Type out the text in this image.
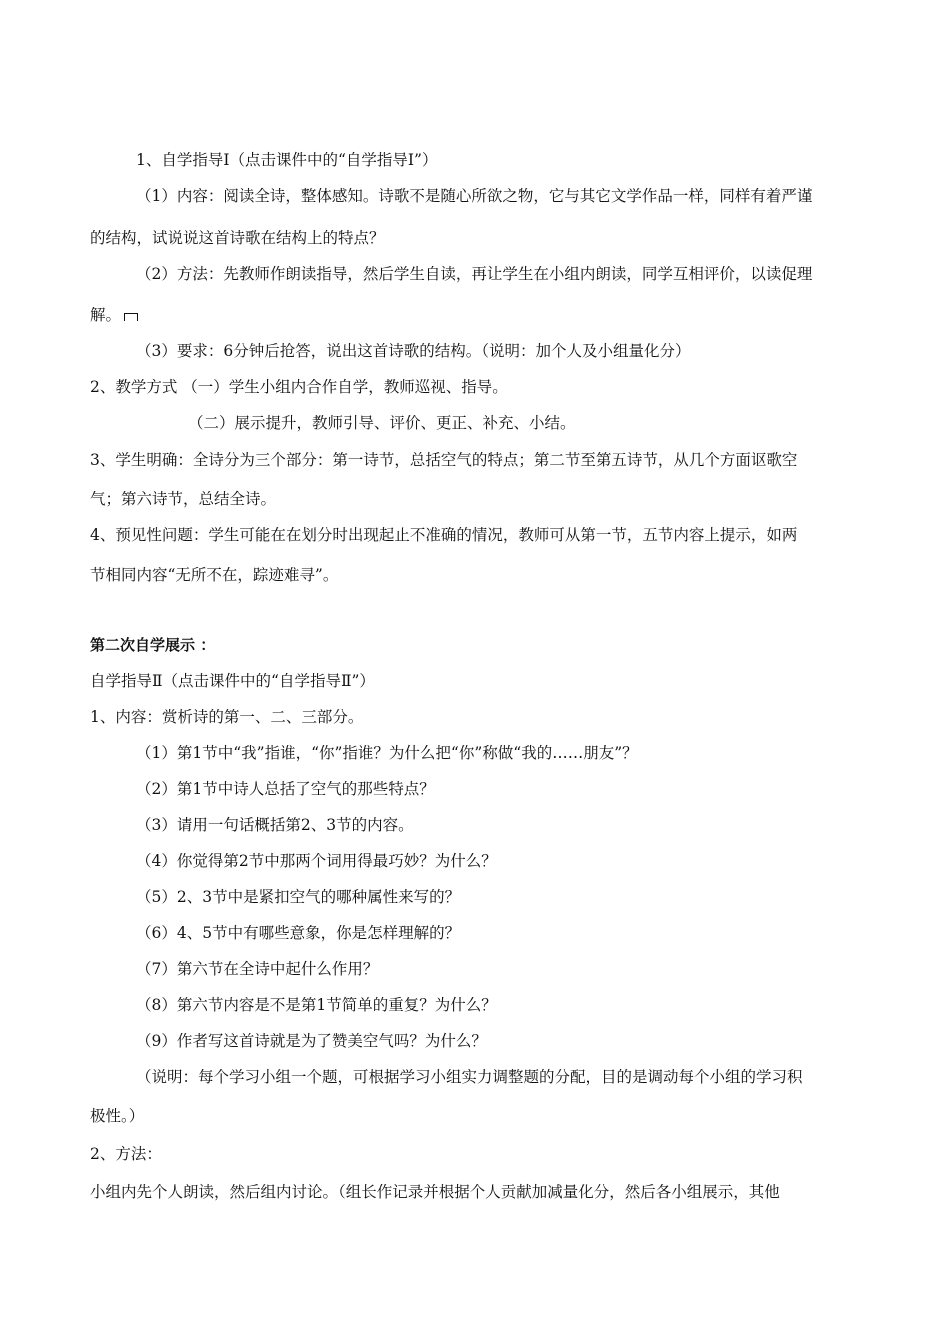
1、自学指导Ⅰ（点击课件中的“自学指导Ⅰ”）
（1）内容：阅读全诗，整体感知。诗歌不是随心所欲之物，它与其它文学作品一样，同样有着严谨
的结构，试说说这首诗歌在结构上的特点？
（2）方法：先教师作朗读指导，然后学生自读，再让学生在小组内朗读，同学互相评价，以读促理
解。
（3）要求：6分钟后抢答，说出这首诗歌的结构。（说明：加个人及小组量化分）
2、教学方式 （一）学生小组内合作自学，教师巡视、指导。
（二）展示提升，教师引导、评价、更正、补充、小结。
3、学生明确：全诗分为三个部分：第一诗节，总括空气的特点；第二节至第五诗节，从几个方面讴歌空
气；第六诗节，总结全诗。
4、预见性问题：学生可能在在划分时出现起止不准确的情况，教师可从第一节，五节内容上提示，如两
节相同内容“无所不在，踪迹难寻”。
第二次自学展示 ：
自学指导Ⅱ（点击课件中的“自学指导Ⅱ”）
1、内容：赏析诗的第一、二、三部分。
（1）第1节中“我”指谁，“你”指谁？为什么把“你”称做“我的……朋友”？
（2）第1节中诗人总括了空气的那些特点？
（3）请用一句话概括第2、3节的内容。
（4）你觉得第2节中那两个词用得最巧妙？为什么？
（5）2、3节中是紧扣空气的哪种属性来写的？
（6）4、5节中有哪些意象，你是怎样理解的？
（7）第六节在全诗中起什么作用？
（8）第六节内容是不是第1节简单的重复？为什么？
（9）作者写这首诗就是为了赞美空气吗？为什么？
（说明：每个学习小组一个题，可根据学习小组实力调整题的分配，目的是调动每个小组的学习积
极性。）
2、方法：
小组内先个人朗读，然后组内讨论。（组长作记录并根据个人贡献加减量化分，然后各小组展示，其他
